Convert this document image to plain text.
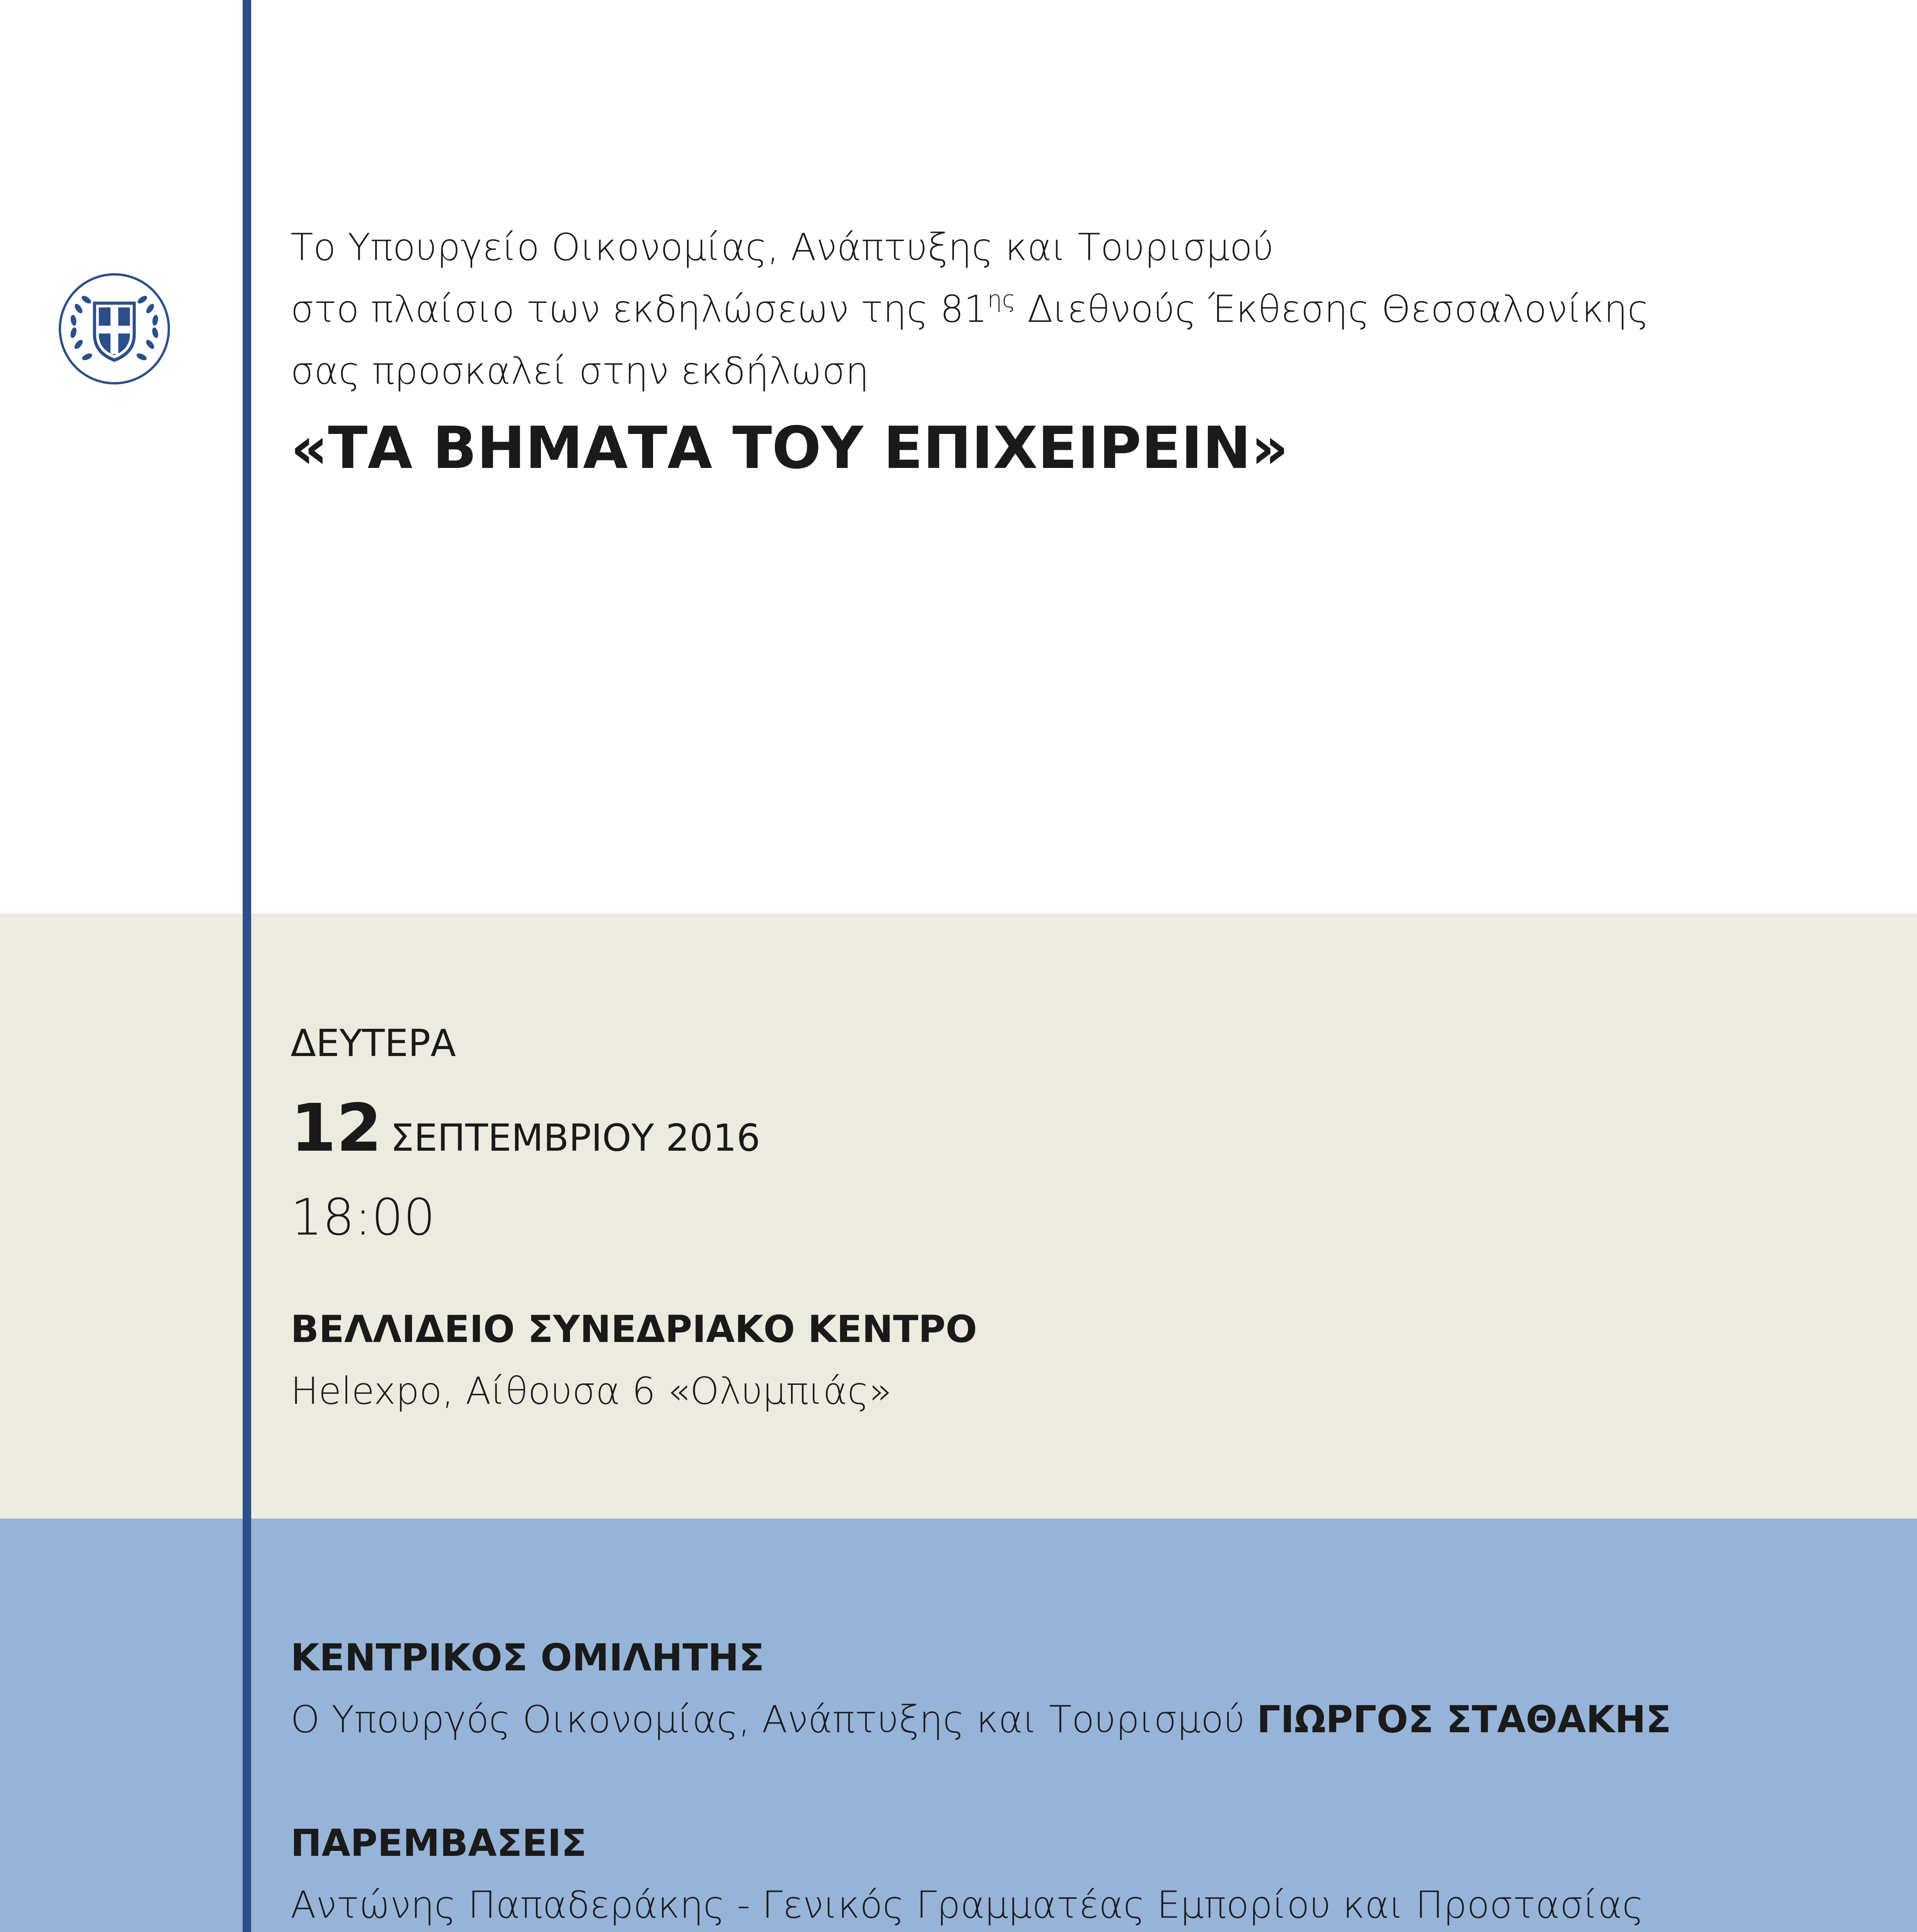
Το Υπουργείο Οικονομίας, Ανάπτυξης και Τουρισμού
στο πλαίσιο των εκδηλώσεων της $81^{\eta\varsigma}$ Διεθνούς Έκθεσης Θεσσαλονίκης
σας προσκαλεί στην εκδήλωση
«ΤΑ ΒΗΜΑΤΑ ΤΟΥ ΕΠΙΧΕΙΡΕΙΝ»
ΔΕΥΤΕΡΑ
12 ΣΕΠΤΕΜΒΡΙΟΥ 2016
18:00
ΒΕΛΛΙΔΕΙΟ ΣΥΝΕΔΡΙΑΚΟ ΚΕΝΤΡΟ
Helexpo, Αίθουσα 6 «Ολυμπιάς»
ΚΕΝΤΡΙΚΟΣ ΟΜΙΛΗΤΗΣ
Ο Υπουργός Οικονομίας, Ανάπτυξης και Τουρισμού ΓΙΩΡΓΟΣ ΣΤΑΘΑΚΗΣ
ΠΑΡΕΜΒΑΣΕΙΣ
Αντώνης Παπαδεράκης - Γενικός Γραμματέας Εμπορίου και Προστασίας
